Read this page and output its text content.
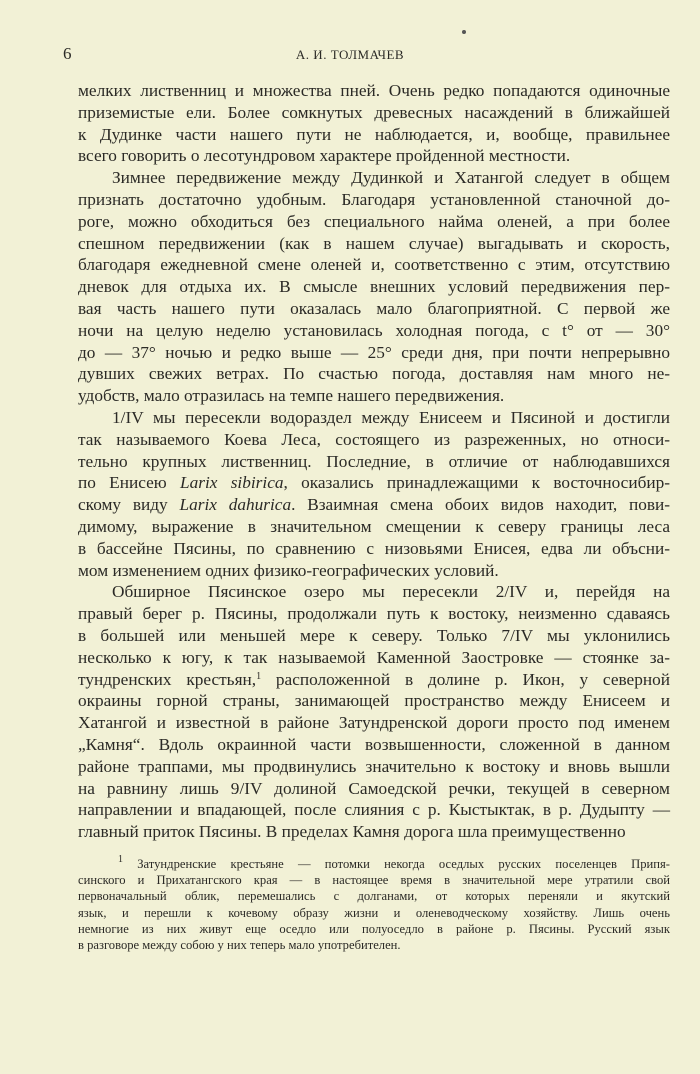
6	А. И. ТОЛМАЧЕВ
мелких лиственниц и множества пней. Очень редко попадаются одиночные
приземистые ели. Более сомкнутых древесных насаждений в ближайшей
к Дудинке части нашего пути не наблюдается, и, вообще, правильнее
всего говорить о лесотундровом характере пройденной местности.
Зимнее передвижение между Дудинкой и Хатангой следует в общем
признать достаточно удобным. Благодаря установленной станочной до-
роге, можно обходиться без специального найма оленей, а при более
спешном передвижении (как в нашем случае) выгадывать и скорость,
благодаря ежедневной смене оленей и, соответственно с этим, отсутствию
дневок для отдыха их. В смысле внешних условий передвижения пер-
вая часть нашего пути оказалась мало благоприятной. С первой же
ночи на целую неделю установилась холодная погода, с t° от — 30°
до — 37° ночью и редко выше — 25° среди дня, при почти непрерывно
дувших свежих ветрах. По счастью погода, доставляя нам много не-
удобств, мало отразилась на темпе нашего передвижения.
1/IV мы пересекли водораздел между Енисеем и Пясиной и достигли
так называемого Коева Леса, состоящего из разреженных, но относи-
тельно крупных лиственниц. Последние, в отличие от наблюдавшихся
по Енисею Larix sibirica, оказались принадлежащими к восточносибир-
скому виду Larix dahurica. Взаимная смена обоих видов находит, пови-
димому, выражение в значительном смещении к северу границы леса
в бассейне Пясины, по сравнению с низовьями Енисея, едва ли объсни-
мом изменением одних физико-географических условий.
Обширное Пясинское озеро мы пересекли 2/IV и, перейдя на
правый берег р. Пясины, продолжали путь к востоку, неизменно сдаваясь
в большей или меньшей мере к северу. Только 7/IV мы уклонились
несколько к югу, к так называемой Каменной Заостровке — стоянке за-
тундренских крестьян,$^1$ расположенной в долине р. Икон, у северной
окраины горной страны, занимающей пространство между Енисеем и
Хатангой и известной в районе Затундренской дороги просто под именем
„Камня“. Вдоль окраинной части возвышенности, сложенной в данном
районе траппами, мы продвинулись значительно к востоку и вновь вышли
на равнину лишь 9/IV долиной Самоедской речки, текущей в северном
направлении и впадающей, после слияния с р. Кыстыктак, в р. Дудыпту —
главный приток Пясины. В пределах Камня дорога шла преимущественно
$^1$ Затундренские крестьяне — потомки некогда оседлых русских поселенцев Припя-
синского и Прихатангского края — в настоящее время в значительной мере утратили свой
первоначальный облик, перемешались с долганами, от которых переняли и якутский
язык, и перешли к кочевому образу жизни и оленеводческому хозяйству. Лишь очень
немногие из них живут еще оседло или полуоседло в районе р. Пясины. Русский язык
в разговоре между собою у них теперь мало употребителен.
